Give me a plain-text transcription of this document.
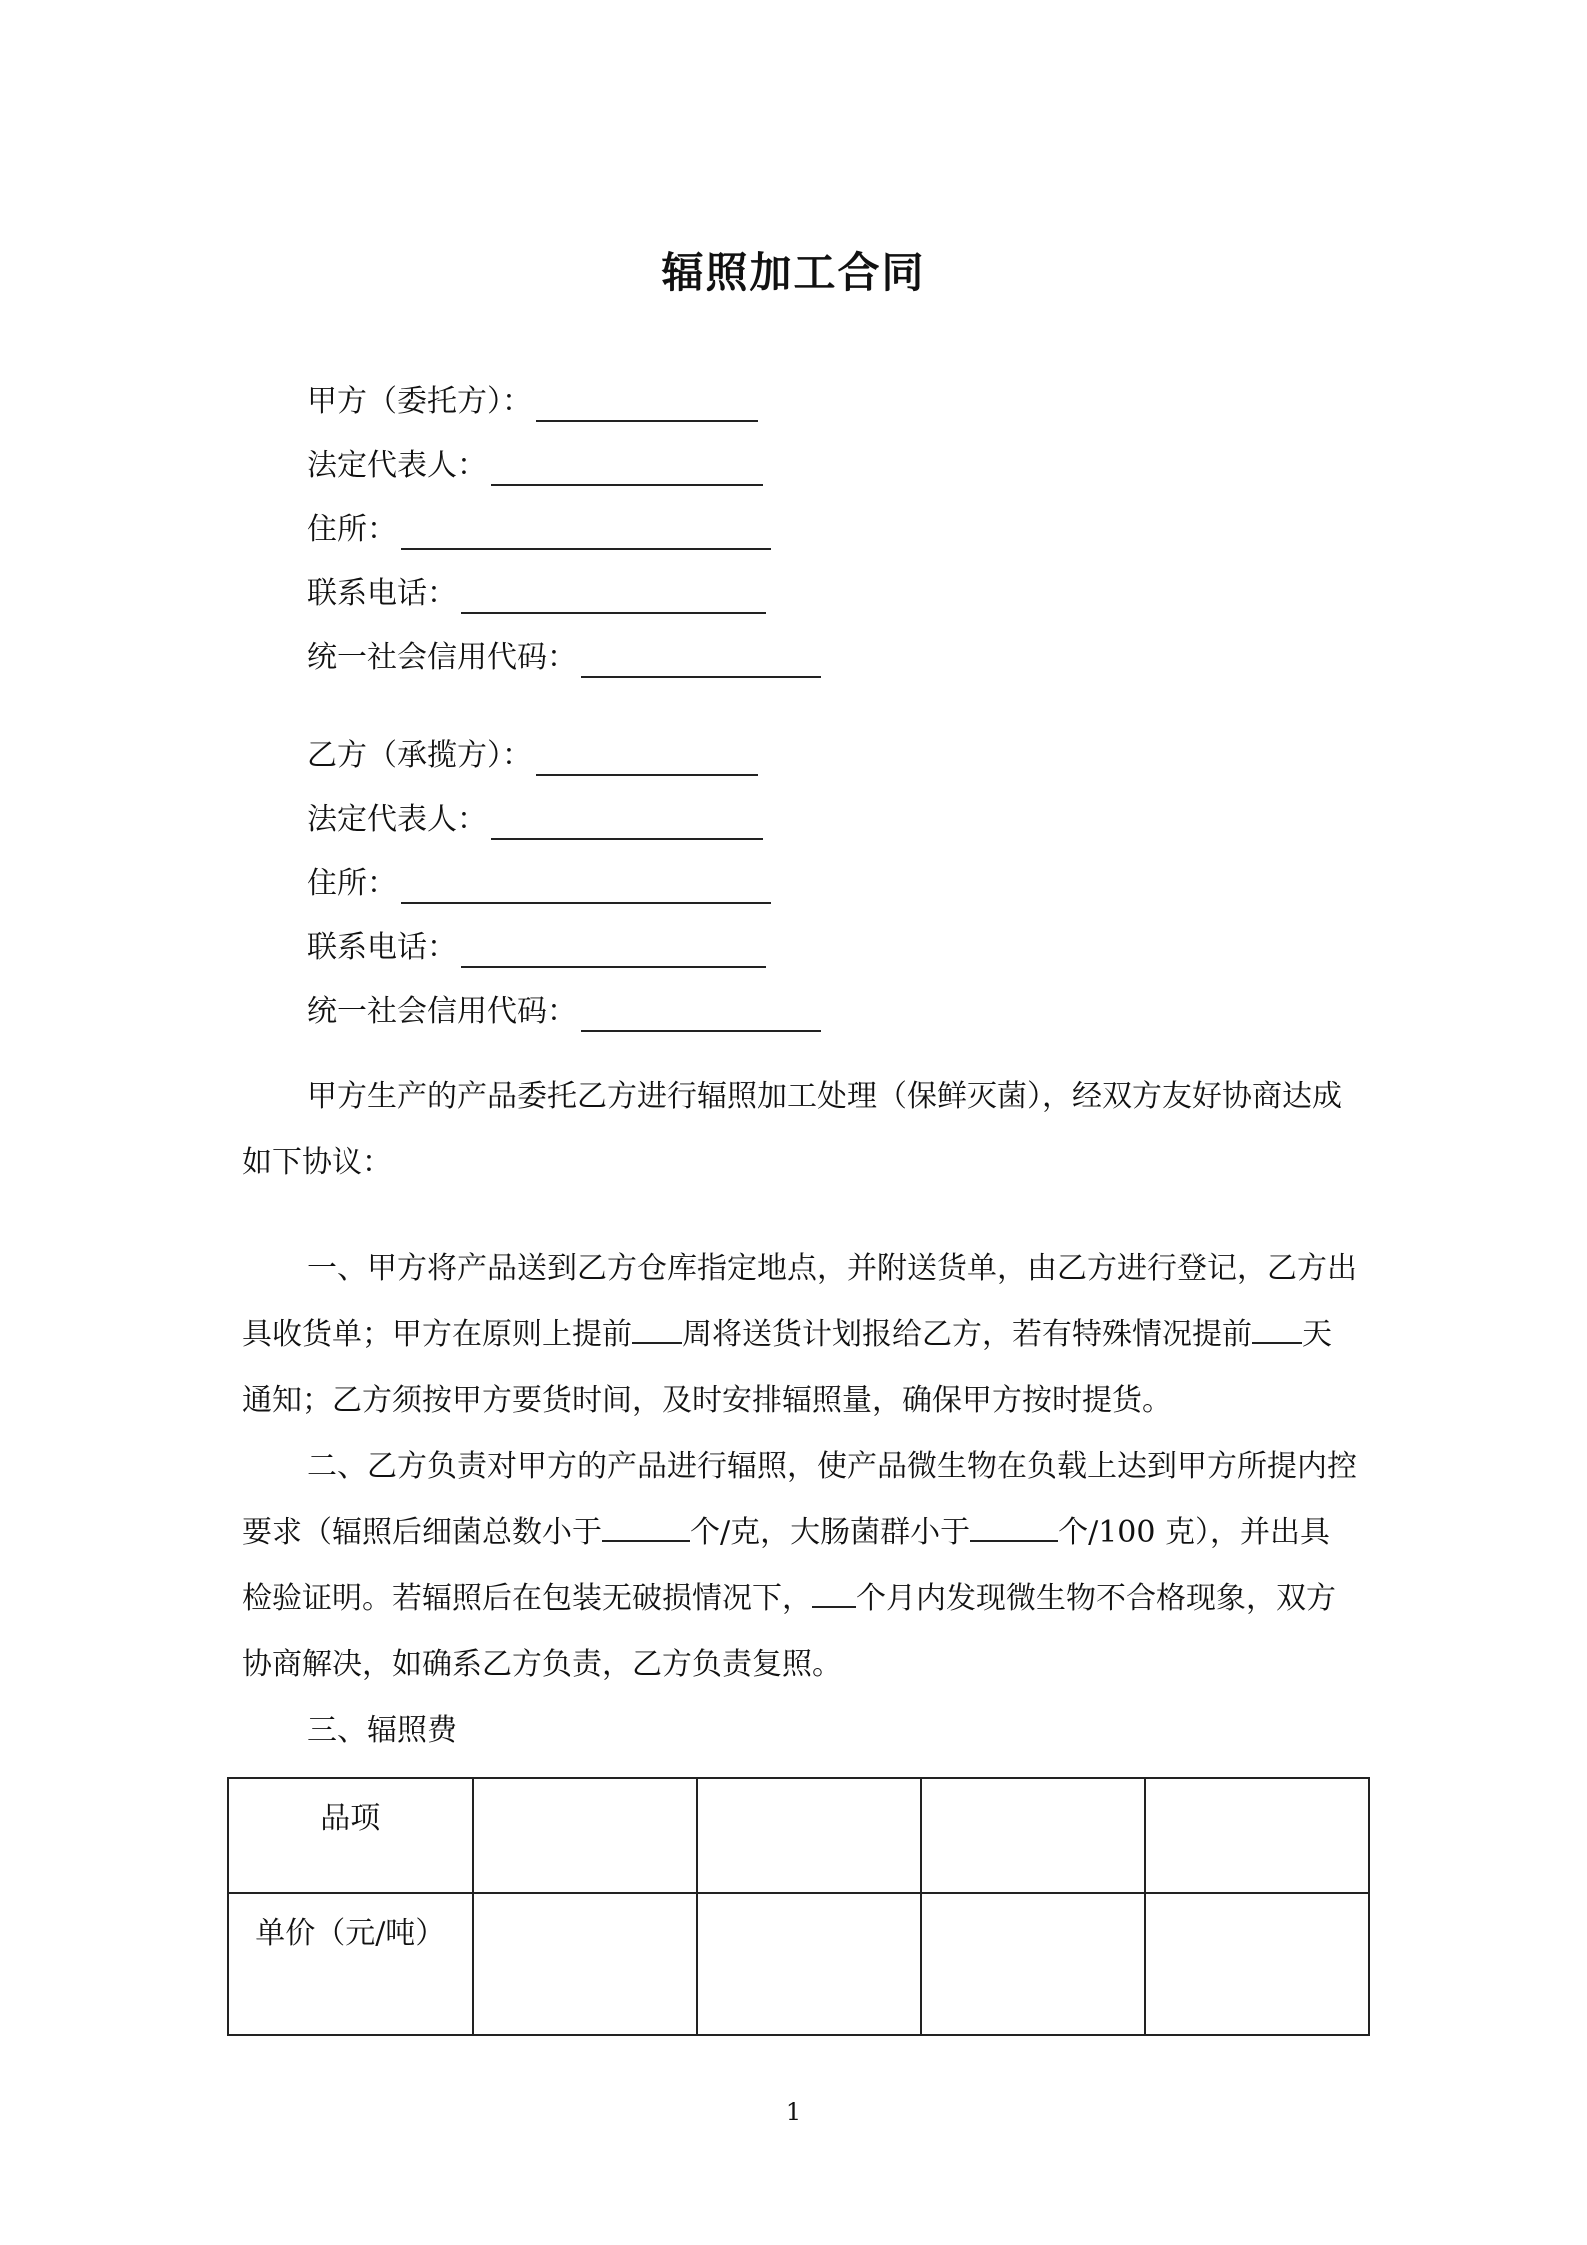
辐照加工合同
甲方（委托方）：
法定代表人：
住所：
联系电话：
统一社会信用代码：
乙方（承揽方）：
法定代表人：
住所：
联系电话：
统一社会信用代码：

甲方生产的产品委托乙方进行辐照加工处理（保鲜灭菌），经双方友好协商达成如下协议：

一、甲方将产品送到乙方仓库指定地点，并附送货单，由乙方进行登记，乙方出具收货单；甲方在原则上提前 周将送货计划报给乙方，若有特殊情况提前 天通知；乙方须按甲方要货时间，及时安排辐照量，确保甲方按时提货。

二、乙方负责对甲方的产品进行辐照，使产品微生物在负载上达到甲方所提内控要求（辐照后细菌总数小于	个/克，大肠菌群小于	个/100 克），并出具检验证明。若辐照后在包装无破损情况下， 个月内发现微生物不合格现象，双方协商解决，如确系乙方负责，乙方负责复照。

三、辐照费

品项				
单价（元/吨）				
1
